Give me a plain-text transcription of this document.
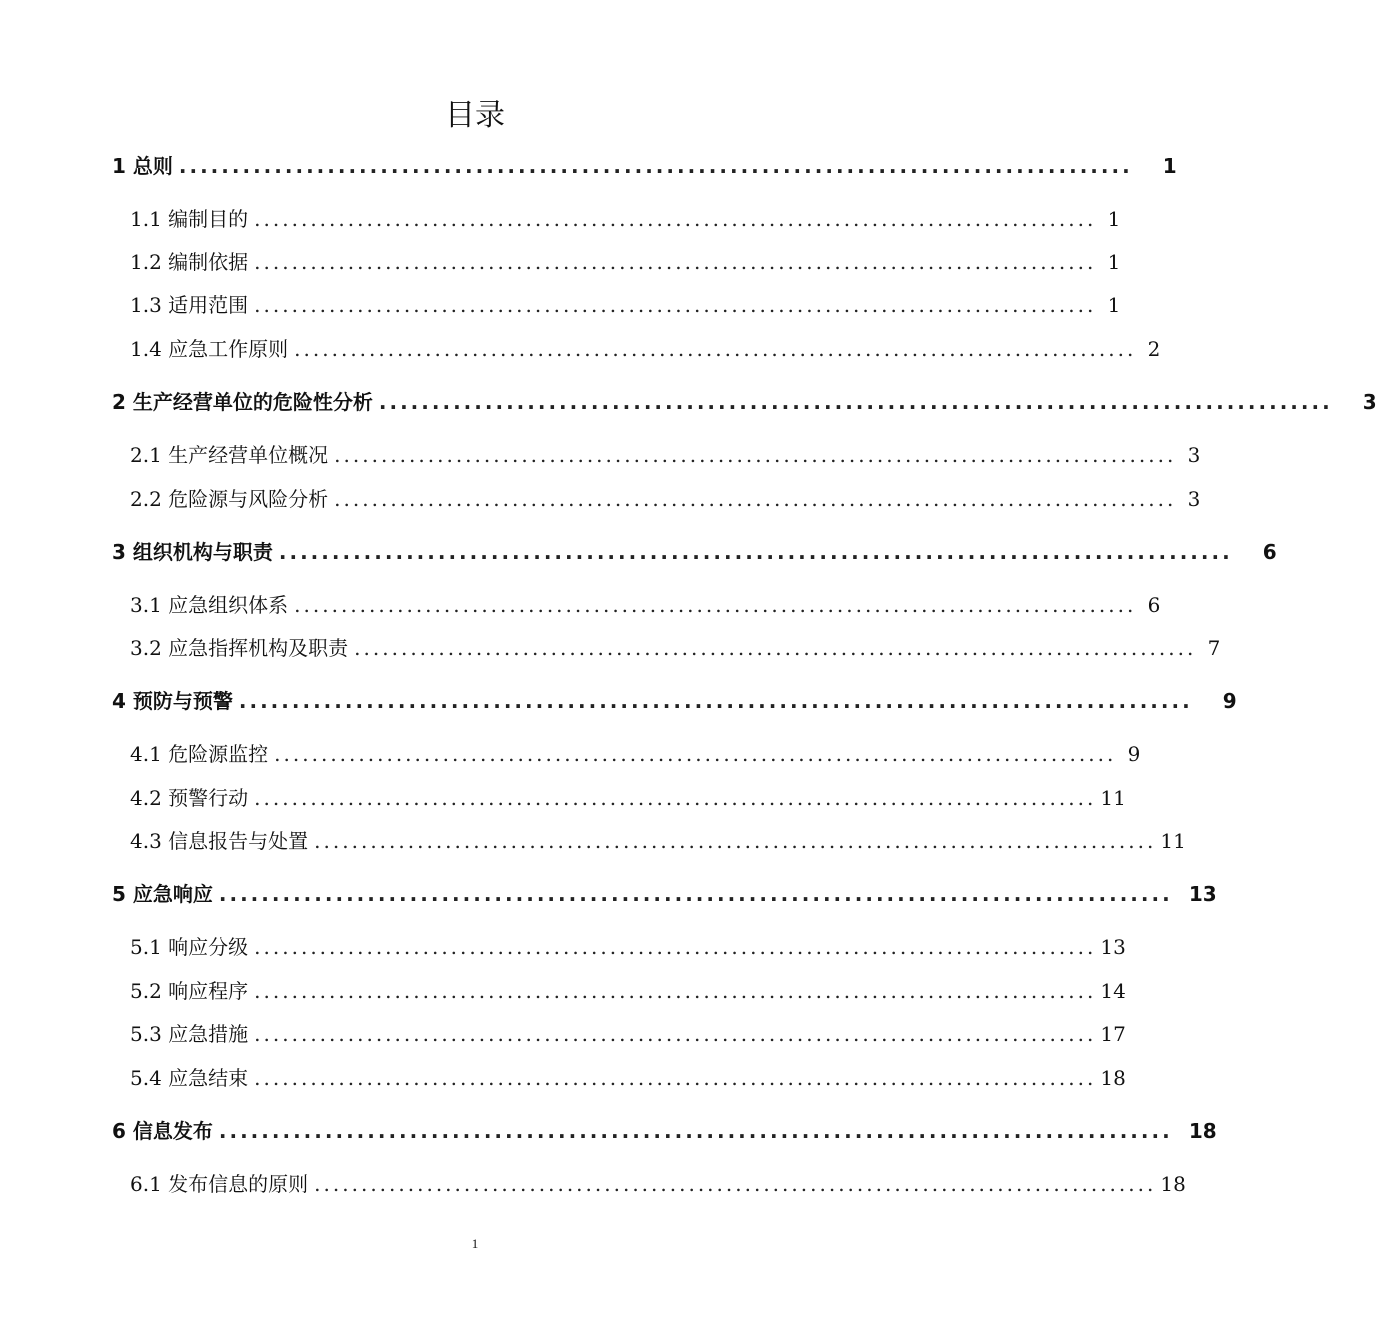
目录
1 总则 ..........................................................................................	1
1.1 编制目的 .......................................................................................... 1
1.2 编制依据 .......................................................................................... 1
1.3 适用范围 .......................................................................................... 1
1.4 应急工作原则 .......................................................................................... 2
2 生产经营单位的危险性分析 ..........................................................................................	3
2.1 生产经营单位概况 .......................................................................................... 3
2.2 危险源与风险分析 .......................................................................................... 3
3 组织机构与职责 ..........................................................................................	6
3.1 应急组织体系 .......................................................................................... 6
3.2 应急指挥机构及职责 .......................................................................................... 7
4 预防与预警 ..........................................................................................	9
4.1 危险源监控 .......................................................................................... 9
4.2 预警行动 .......................................................................................... 11
4.3 信息报告与处置 .......................................................................................... 11
5 应急响应 .......................................................................................... 13
5.1 响应分级 .......................................................................................... 13
5.2 响应程序 .......................................................................................... 14
5.3 应急措施 .......................................................................................... 17
5.4 应急结束 .......................................................................................... 18
6 信息发布 .......................................................................................... 18
6.1 发布信息的原则 .......................................................................................... 18
1
